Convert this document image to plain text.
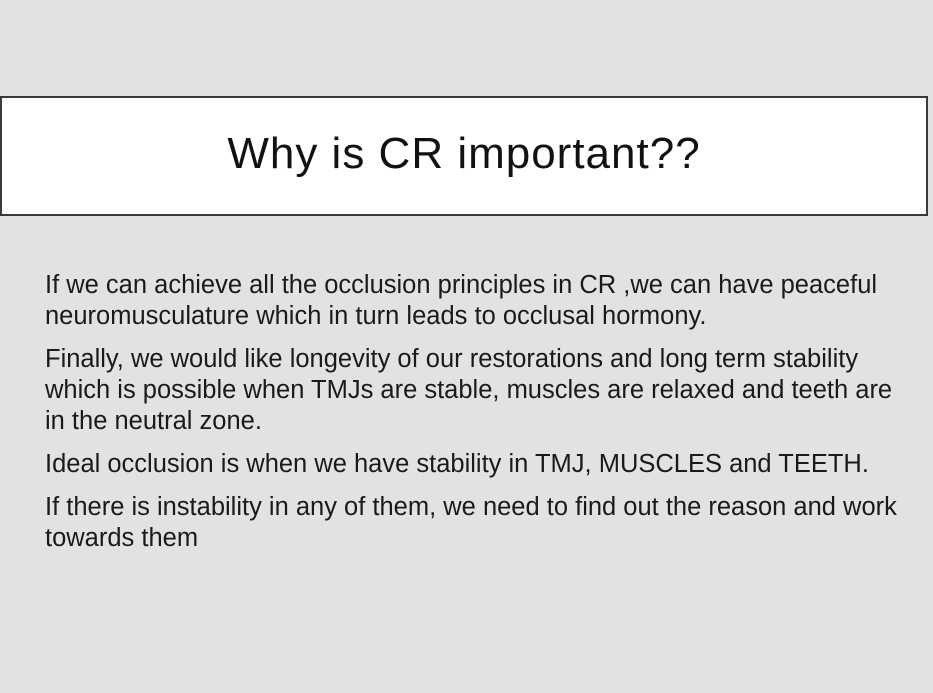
Why is CR important??

If we can achieve all the occlusion principles in CR ,we can have peaceful neuromusculature which in turn leads to occlusal hormony.

Finally, we would like longevity of our restorations and long term stability which is possible when TMJs are stable, muscles are relaxed and teeth are in the neutral zone.

Ideal occlusion is when we have stability in TMJ, MUSCLES and TEETH.

If there is instability in any of them, we need to find out the reason and work towards them
